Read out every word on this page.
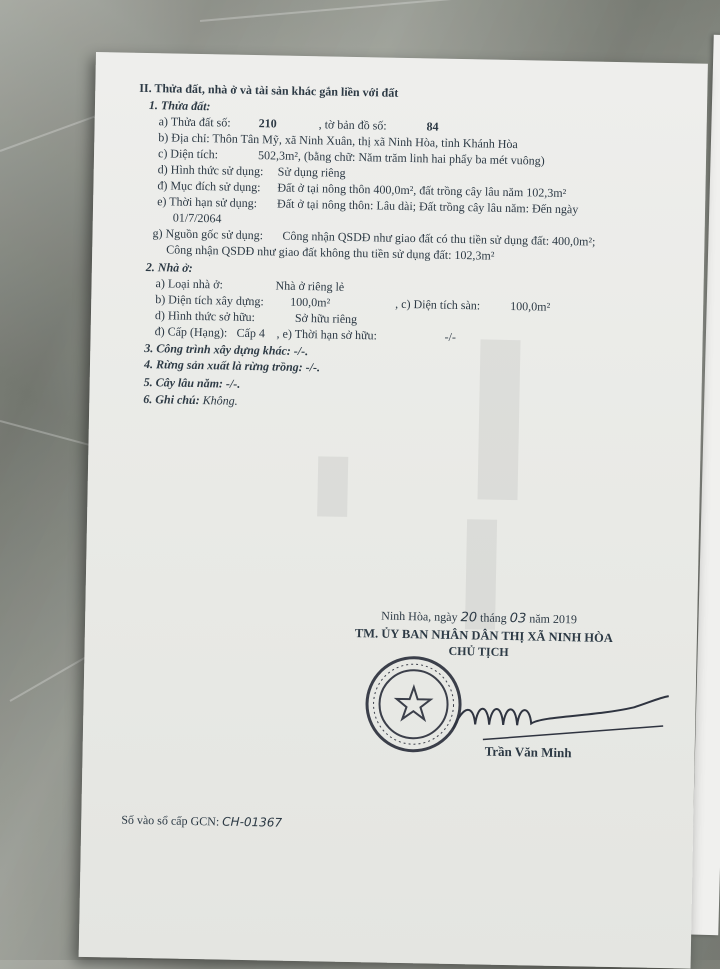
II. Thửa đất, nhà ở và tài sản khác gắn liền với đất
1. Thửa đất:
a) Thửa đất số: 210	, tờ bản đồ số:	84
b) Địa chỉ: Thôn Tân Mỹ, xã Ninh Xuân, thị xã Ninh Hòa, tỉnh Khánh Hòa
c) Diện tích:	502,3m², (bằng chữ: Năm trăm linh hai phẩy ba mét vuông)
d) Hình thức sử dụng: Sử dụng riêng
đ) Mục đích sử dụng: Đất ở tại nông thôn 400,0m², đất trồng cây lâu năm 102,3m²
e) Thời hạn sử dụng: Đất ở tại nông thôn: Lâu dài; Đất trồng cây lâu năm: Đến ngày
01/7/2064
g) Nguồn gốc sử dụng: Công nhận QSDĐ như giao đất có thu tiền sử dụng đất: 400,0m²;
Công nhận QSDĐ như giao đất không thu tiền sử dụng đất: 102,3m²
2. Nhà ở:
a) Loại nhà ở:	Nhà ở riêng lẻ
b) Diện tích xây dựng: 100,0m²	, c) Diện tích sàn: 100,0m²
d) Hình thức sở hữu:	Sở hữu riêng
đ) Cấp (Hạng): Cấp 4 , e) Thời hạn sở hữu:	-/-
3. Công trình xây dựng khác: -/-.
4. Rừng sản xuất là rừng trồng: -/-.
5. Cây lâu năm: -/-.
6. Ghi chú: Không.
Ninh Hòa, ngày 20 tháng 03 năm 2019
TM. ỦY BAN NHÂN DÂN THỊ XÃ NINH HÒA
CHỦ TỊCH
Trần Văn Minh
Số vào sổ cấp GCN: CH-01367
